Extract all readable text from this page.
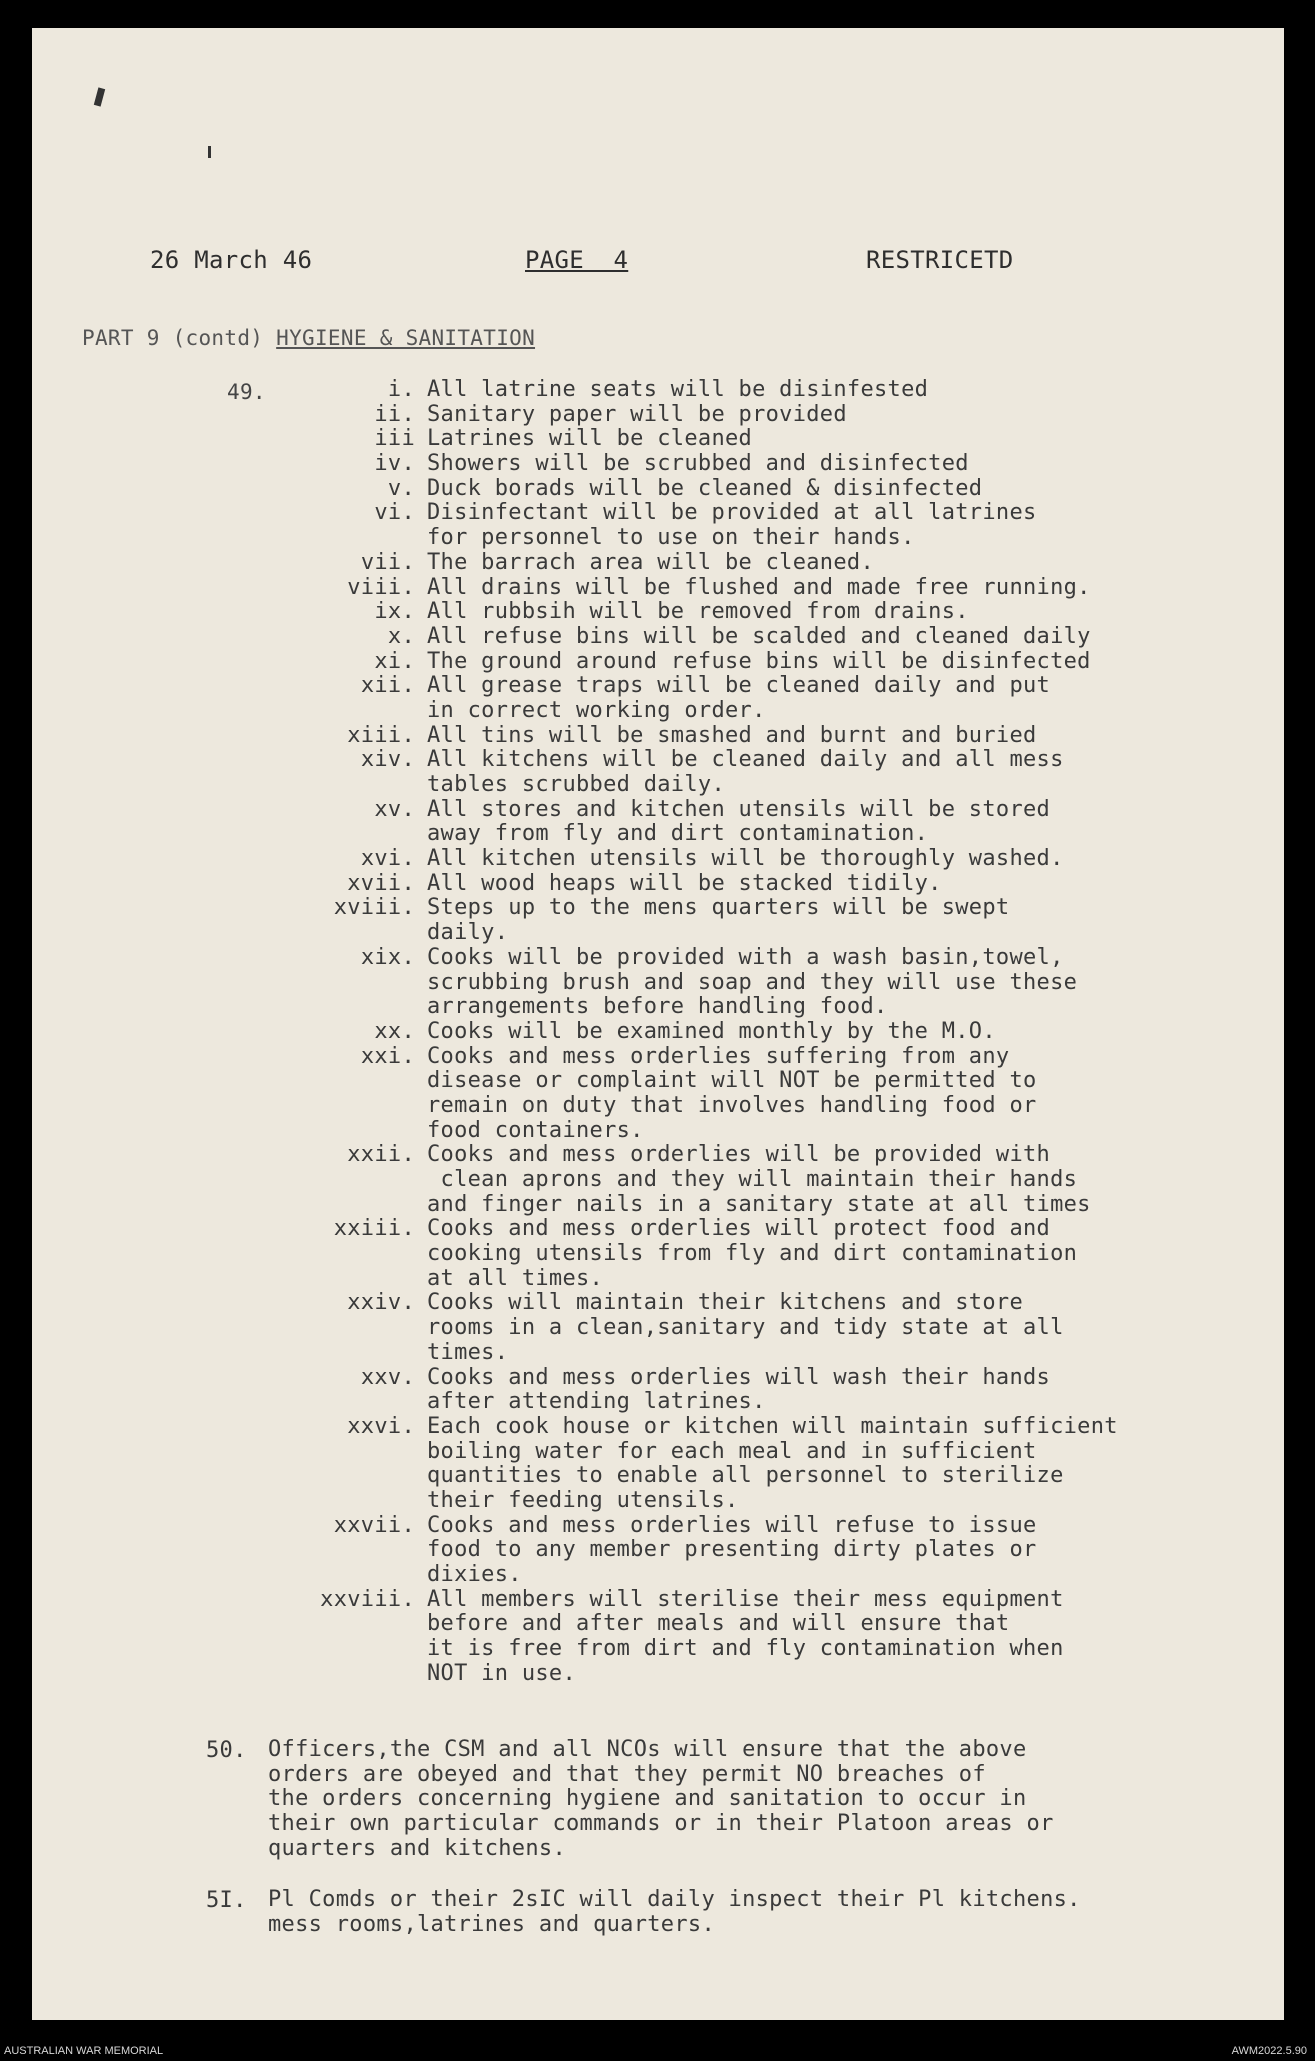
26 March 46	PAGE  4	RESTRICETD
PART 9 (contd) HYGIENE & SANITATION
49.	i. All latrine seats will be disinfested
ii. Sanitary paper will be provided
iii Latrines will be cleaned
iv. Showers will be scrubbed and disinfected
v. Duck borads will be cleaned & disinfected
vi. Disinfectant will be provided at all latrines
for personnel to use on their hands.
vii. The barrach area will be cleaned.
viii. All drains will be flushed and made free running.
ix. All rubbsih will be removed from drains.
x. All refuse bins will be scalded and cleaned daily
xi. The ground around refuse bins will be disinfected
xii. All grease traps will be cleaned daily and put
in correct working order.
xiii. All tins will be smashed and burnt and buried
xiv. All kitchens will be cleaned daily and all mess
tables scrubbed daily.
xv. All stores and kitchen utensils will be stored
away from fly and dirt contamination.
xvi. All kitchen utensils will be thoroughly washed.
xvii. All wood heaps will be stacked tidily.
xviii. Steps up to the mens quarters will be swept
daily.
xix. Cooks will be provided with a wash basin,towel,
scrubbing brush and soap and they will use these
arrangements before handling food.
xx. Cooks will be examined monthly by the M.O.
xxi. Cooks and mess orderlies suffering from any
disease or complaint will NOT be permitted to
remain on duty that involves handling food or
food containers.
xxii. Cooks and mess orderlies will be provided with
clean aprons and they will maintain their hands
and finger nails in a sanitary state at all times
xxiii. Cooks and mess orderlies will protect food and
cooking utensils from fly and dirt contamination
at all times.
xxiv. Cooks will maintain their kitchens and store
rooms in a clean,sanitary and tidy state at all
times.
xxv. Cooks and mess orderlies will wash their hands
after attending latrines.
xxvi. Each cook house or kitchen will maintain sufficient
boiling water for each meal and in sufficient
quantities to enable all personnel to sterilize
their feeding utensils.
xxvii. Cooks and mess orderlies will refuse to issue
food to any member presenting dirty plates or
dixies.
xxviii. All members will sterilise their mess equipment
before and after meals and will ensure that
it is free from dirt and fly contamination when
NOT in use.

50.

Officers,the CSM and all NCOs will ensure that the above
orders are obeyed and that they permit NO breaches of
the orders concerning hygiene and sanitation to occur in
their own particular commands or in their Platoon areas or
quarters and kitchens.

5I.

Pl Comds or their 2sIC will daily inspect their Pl kitchens.
mess rooms,latrines and quarters.

AUSTRALIAN WAR MEMORIAL	AWM2022.5.90
